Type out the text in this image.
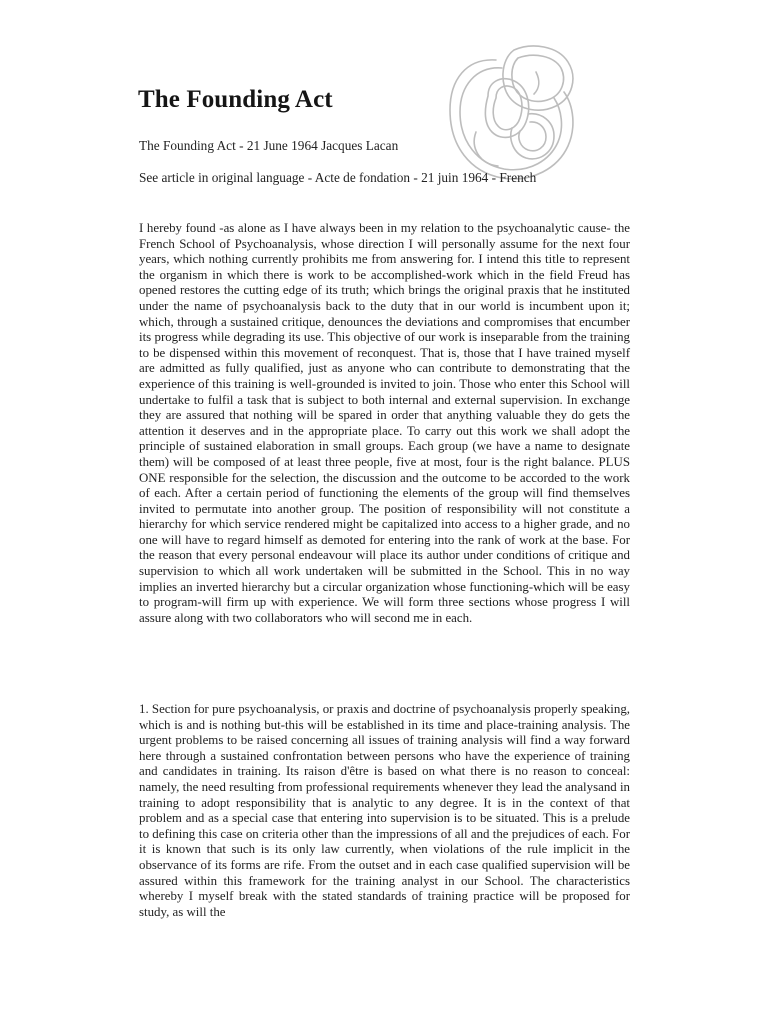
The Founding Act

The Founding Act - 21 June 1964 Jacques Lacan

See article in original language - Acte de fondation - 21 juin 1964 - French

I hereby found -as alone as I have always been in my relation to the psychoanalytic cause- the French School of Psychoanalysis, whose direction I will personally assume for the next four years, which nothing currently prohibits me from answering for. I intend this title to represent the organism in which there is work to be accomplished-work which in the field Freud has opened restores the cutting edge of its truth; which brings the original praxis that he instituted under the name of psychoanalysis back to the duty that in our world is incumbent upon it; which, through a sustained critique, denounces the deviations and compromises that encumber its progress while degrading its use. This objective of our work is inseparable from the training to be dispensed within this movement of reconquest. That is, those that I have trained myself are admitted as fully qualified, just as anyone who can contribute to demonstrating that the experience of this training is well-grounded is invited to join. Those who enter this School will undertake to fulfil a task that is subject to both internal and external supervision. In exchange they are assured that nothing will be spared in order that anything valuable they do gets the attention it deserves and in the appropriate place. To carry out this work we shall adopt the principle of sustained elaboration in small groups. Each group (we have a name to designate them) will be composed of at least three people, five at most, four is the right balance. PLUS ONE responsible for the selection, the discussion and the outcome to be accorded to the work of each. After a certain period of functioning the elements of the group will find themselves invited to permutate into another group. The position of responsibility will not constitute a hierarchy for which service rendered might be capitalized into access to a higher grade, and no one will have to regard himself as demoted for entering into the rank of work at the base. For the reason that every personal endeavour will place its author under conditions of critique and supervision to which all work undertaken will be submitted in the School. This in no way implies an inverted hierarchy but a circular organization whose functioning-which will be easy to program-will firm up with experience. We will form three sections whose progress I will assure along with two collaborators who will second me in each.

1. Section for pure psychoanalysis, or praxis and doctrine of psychoanalysis properly speaking, which is and is nothing but-this will be established in its time and place-training analysis. The urgent problems to be raised concerning all issues of training analysis will find a way forward here through a sustained confrontation between persons who have the experience of training and candidates in training. Its raison d'être is based on what there is no reason to conceal: namely, the need resulting from professional requirements whenever they lead the analysand in training to adopt responsibility that is analytic to any degree. It is in the context of that problem and as a special case that entering into supervision is to be situated. This is a prelude to defining this case on criteria other than the impressions of all and the prejudices of each. For it is known that such is its only law currently, when violations of the rule implicit in the observance of its forms are rife. From the outset and in each case qualified supervision will be assured within this framework for the training analyst in our School. The characteristics whereby I myself break with the stated standards of training practice will be proposed for study, as will the
